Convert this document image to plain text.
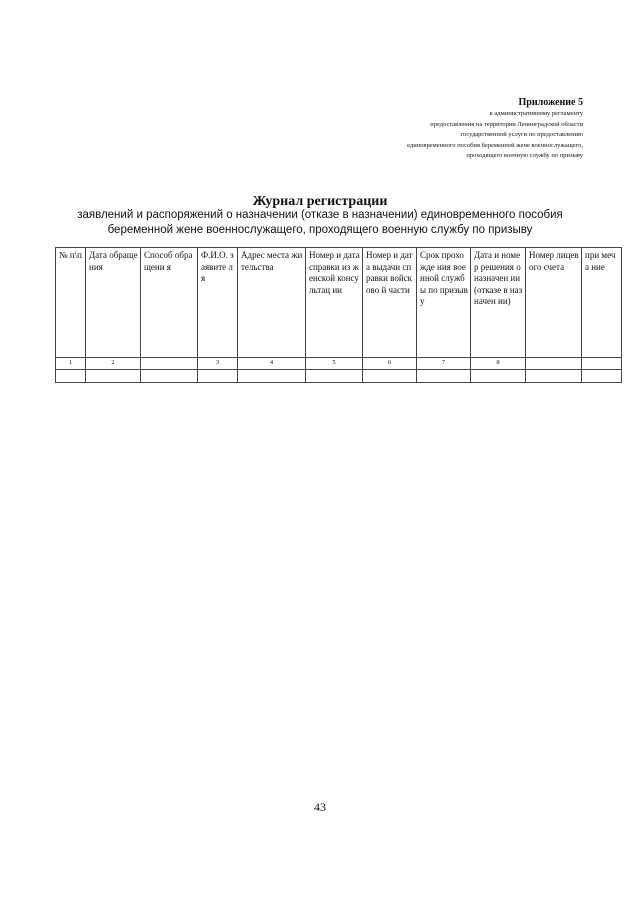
Приложение 5
к административному регламенту
предоставления на территории Ленинградской области
государственной услуги по предоставлению
единовременного пособия беременной жене военнослужащего,
проходящего военную службу по призыву
Журнал регистрации
заявлений и распоряжений о назначении (отказе в назначении) единовременного пособия
беременной жене военнослужащего, проходящего военную службу по призыву
№ п\п	Дата обраще ния	Способ обращени я	Ф.И.О. заявите ля	Адрес места жительства	Номер и дата справки из женской консультац ии	Номер и дата выдачи справки войсково й части	Срок прохожде ния военной службы по призыву	Дата и номер решения о назначен ии (отказе в назначен ии)	Номер лицевого счета	при меча ние
1	2		3	4	5	6	7	8		

43
